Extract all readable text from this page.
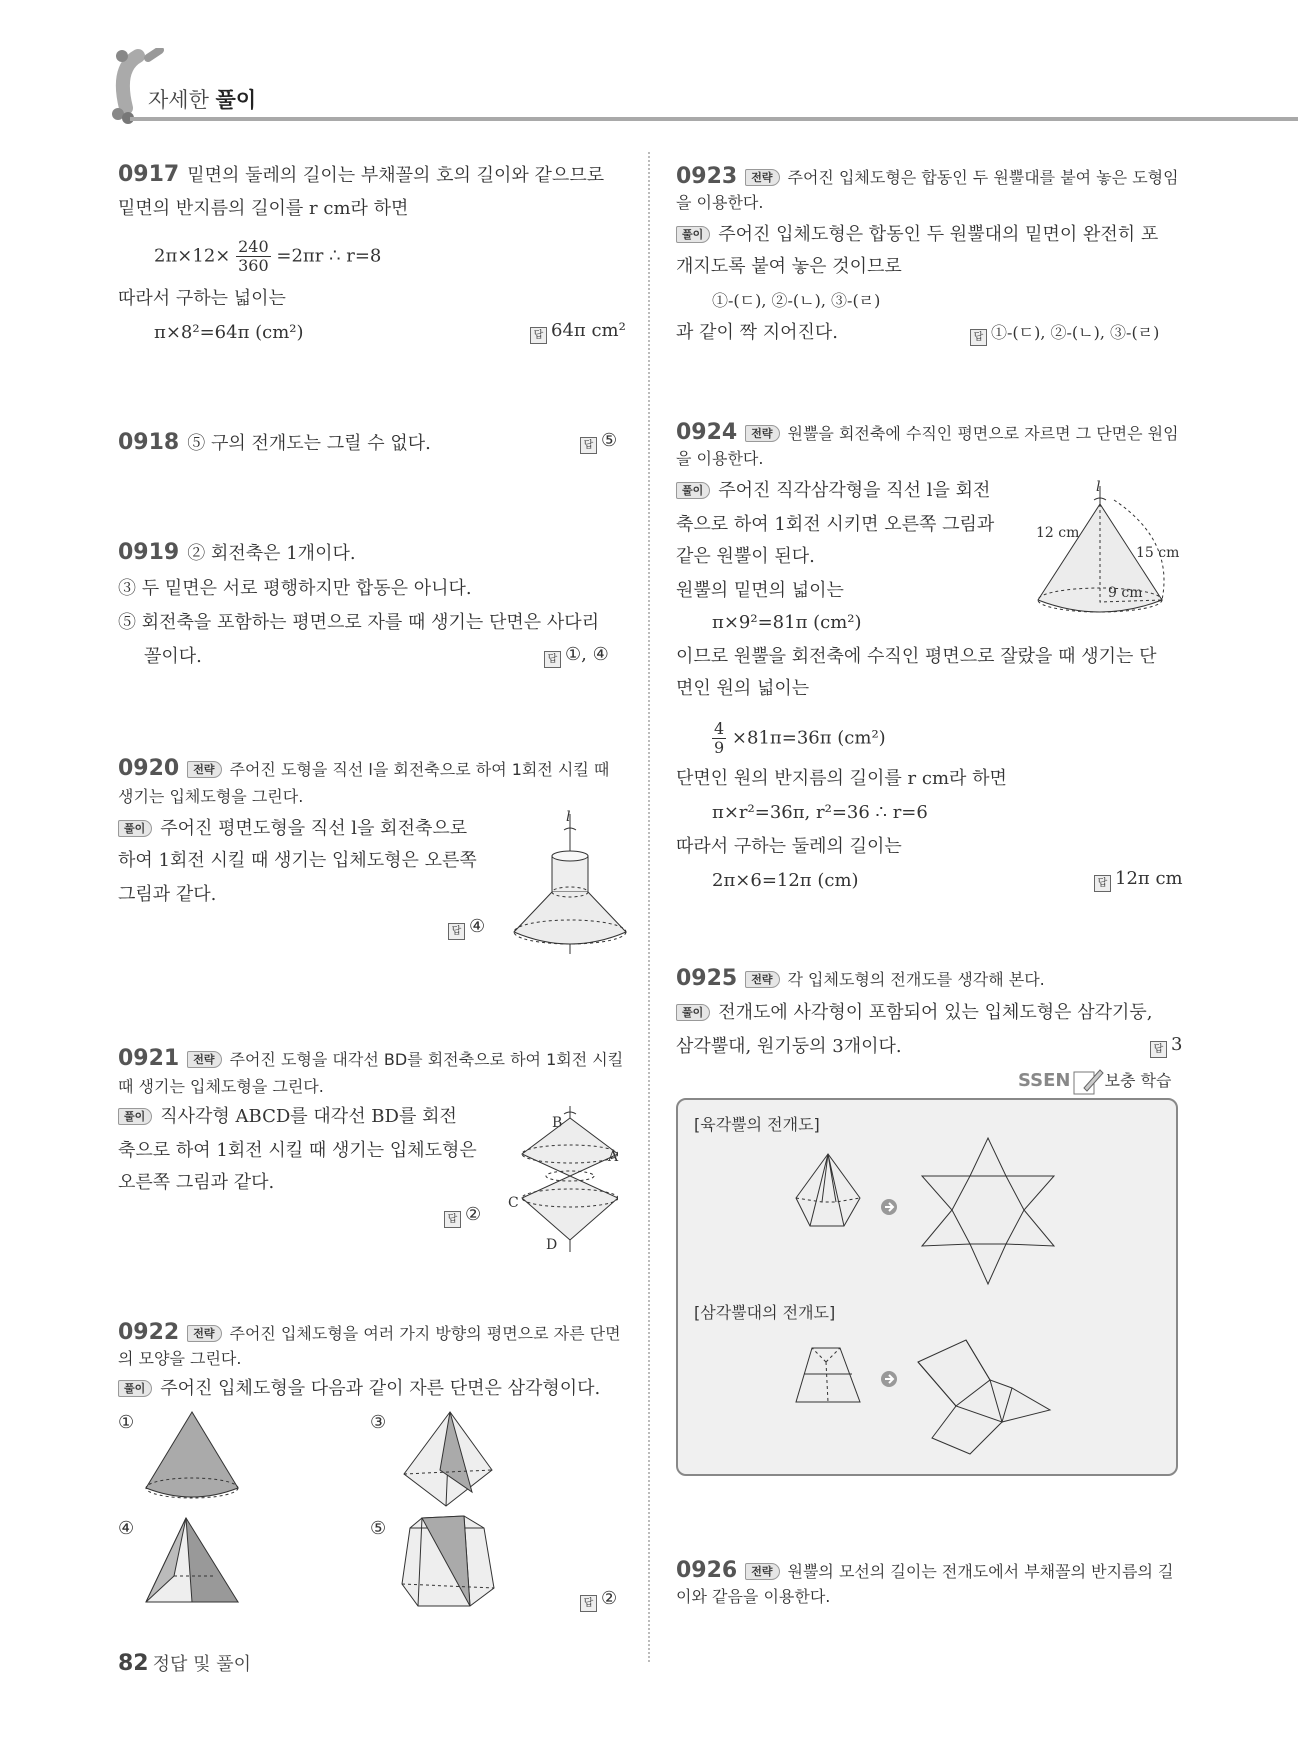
자세한 풀이
0917 밑면의 둘레의 길이는 부채꼴의 호의 길이와 같으므로
밑면의 반지름의 길이를 r cm라 하면
$2\pi\times 12\times \frac{240}{360} =2\pi r$ ∴ r=8
따라서 구하는 넓이는
π×8²=64π (cm²)	답 64π cm²
0918 ⑤ 구의 전개도는 그릴 수 없다.	답 ⑤
0919 ② 회전축은 1개이다.
③ 두 밑면은 서로 평행하지만 합동은 아니다.
⑤ 회전축을 포함하는 평면으로 자를 때 생기는 단면은 사다리
꼴이다.	답 ①, ④
0920 전략 주어진 도형을 직선 l을 회전축으로 하여 1회전 시킬 때
생기는 입체도형을 그린다.
풀이 주어진 평면도형을 직선 l을 회전축으로
하여 1회전 시킬 때 생기는 입체도형은 오른쪽
그림과 같다.
답 ④
l
0921 전략 주어진 도형을 대각선 BD를 회전축으로 하여 1회전 시킬
때 생기는 입체도형을 그린다.
풀이 직사각형 ABCD를 대각선 BD를 회전
축으로 하여 1회전 시킬 때 생기는 입체도형은
오른쪽 그림과 같다.
답 ②
B
A
C
D
0922 전략 주어진 입체도형을 여러 가지 방향의 평면으로 자른 단면
의 모양을 그린다.
풀이 주어진 입체도형을 다음과 같이 자른 단면은 삼각형이다.
①	③
④	⑤
답 ②
0923 전략 주어진 입체도형은 합동인 두 원뿔대를 붙여 놓은 도형임
을 이용한다.
풀이 주어진 입체도형은 합동인 두 원뿔대의 밑면이 완전히 포
개지도록 붙여 놓은 것이므로
①-(ㄷ), ②-(ㄴ), ③-(ㄹ)
과 같이 짝 지어진다.	답 ①-(ㄷ), ②-(ㄴ), ③-(ㄹ)
0924 전략 원뿔을 회전축에 수직인 평면으로 자르면 그 단면은 원임
을 이용한다.
풀이 주어진 직각삼각형을 직선 l을 회전
축으로 하여 1회전 시키면 오른쪽 그림과
같은 원뿔이 된다.
원뿔의 밑면의 넓이는
π×9²=81π (cm²)
이므로 원뿔을 회전축에 수직인 평면으로 잘랐을 때 생기는 단
면인 원의 넓이는
$\frac{4}{9} \times 81\pi=36\pi$ (cm²)
단면인 원의 반지름의 길이를 r cm라 하면
π×r²=36π, r²=36 ∴ r=6
따라서 구하는 둘레의 길이는
2π×6=12π (cm)	답 12π cm
l
12 cm
15 cm
9 cm
0925 전략 각 입체도형의 전개도를 생각해 본다.
풀이 전개도에 사각형이 포함되어 있는 입체도형은 삼각기둥,
삼각뿔대, 원기둥의 3개이다.	답 3
SSEN 보충 학습
[육각뿔의 전개도]
[삼각뿔대의 전개도]
0926 전략 원뿔의 모선의 길이는 전개도에서 부채꼴의 반지름의 길
이와 같음을 이용한다.
82 정답 및 풀이
